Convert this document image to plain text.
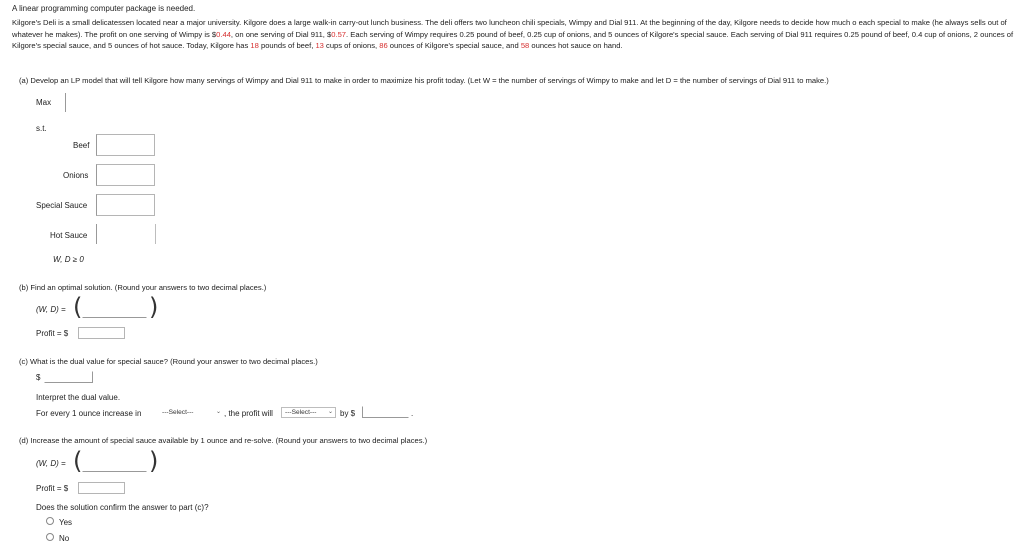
A linear programming computer package is needed.
Kilgore's Deli is a small delicatessen located near a major university. Kilgore does a large walk-in carry-out lunch business. The deli offers two luncheon chili specials, Wimpy and Dial 911. At the beginning of the day, Kilgore needs to decide how much o each special to make (he always sells out of whatever he makes). The profit on one serving of Wimpy is $0.44, on one serving of Dial 911, $0.57. Each serving of Wimpy requires 0.25 pound of beef, 0.25 cup of onions, and 5 ounces of Kilgore's special sauce. Each serving of Dial 911 requires 0.25 pound of beef, 0.4 cup of onions, 2 ounces of Kilgore's special sauce, and 5 ounces of hot sauce. Today, Kilgore has 18 pounds of beef, 13 cups of onions, 86 ounces of Kilgore's special sauce, and 58 ounces hot sauce on hand.
(a) Develop an LP model that will tell Kilgore how many servings of Wimpy and Dial 911 to make in order to maximize his profit today. (Let W = the number of servings of Wimpy to make and let D = the number of servings of Dial 911 to make.)
Max
s.t.
Beef
Onions
Special Sauce
Hot Sauce
W, D ≥ 0
(b) Find an optimal solution. (Round your answers to two decimal places.)
(W, D) = (	)
Profit = $
(c) What is the dual value for special sauce? (Round your answer to two decimal places.)
$
Interpret the dual value.
For every 1 ounce increase in	---Select---	⌄ , the profit will	---Select--- ⌄ by $	.
(d) Increase the amount of special sauce available by 1 ounce and re-solve. (Round your answers to two decimal places.)
(W, D) = (	)
Profit = $
Does the solution confirm the answer to part (c)?
Yes
No
